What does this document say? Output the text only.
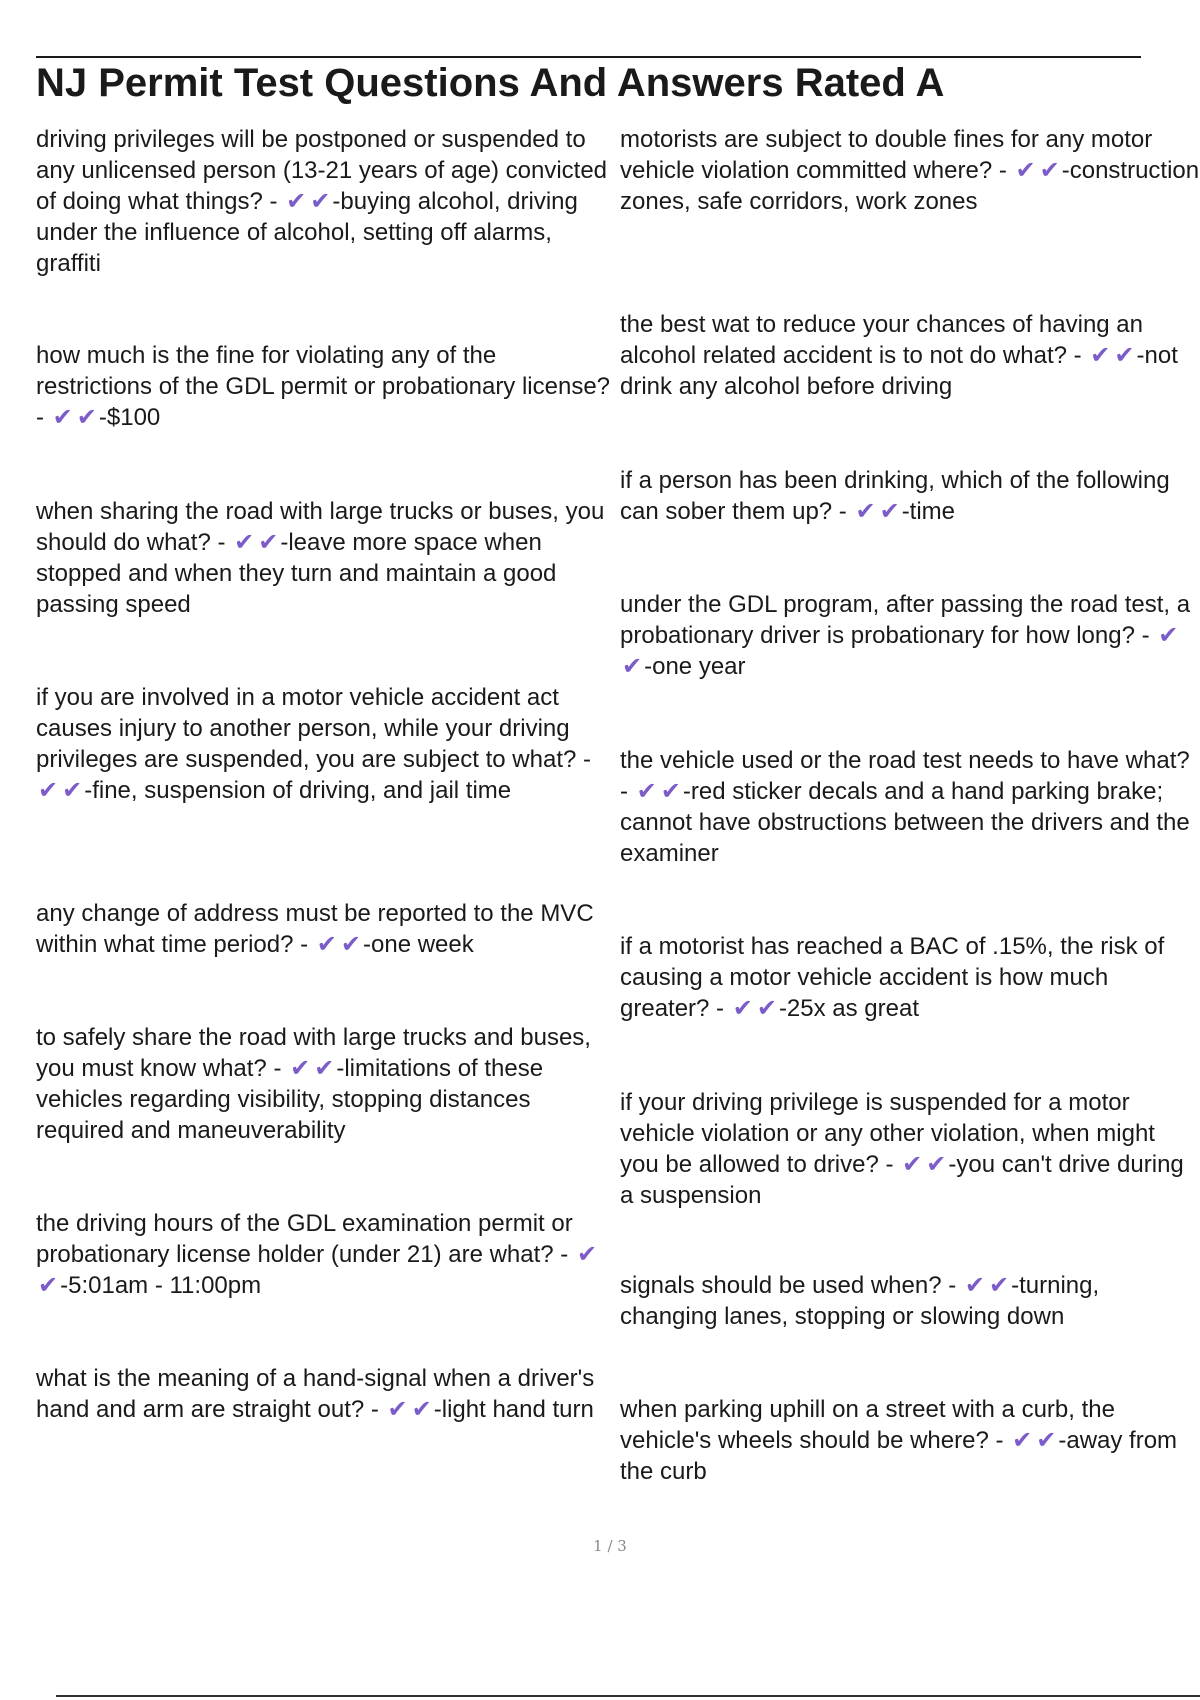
NJ Permit Test Questions And Answers Rated A
driving privileges will be postponed or suspended to any unlicensed person (13-21 years of age) convicted of doing what things? - ✔ ✔-buying alcohol, driving under the influence of alcohol, setting off alarms, graffiti
how much is the fine for violating any of the restrictions of the GDL permit or probationary license? - ✔ ✔-$100
when sharing the road with large trucks or buses, you should do what? - ✔ ✔-leave more space when stopped and when they turn and maintain a good passing speed
if you are involved in a motor vehicle accident act causes injury to another person, while your driving privileges are suspended, you are subject to what? - ✔ ✔-fine, suspension of driving, and jail time
any change of address must be reported to the MVC within what time period? - ✔ ✔-one week
to safely share the road with large trucks and buses, you must know what? - ✔ ✔-limitations of these vehicles regarding visibility, stopping distances required and maneuverability
the driving hours of the GDL examination permit or probationary license holder (under 21) are what? - ✔✔-5:01am - 11:00pm
what is the meaning of a hand-signal when a driver's hand and arm are straight out? - ✔ ✔-light hand turn
motorists are subject to double fines for any motor vehicle violation committed where? - ✔ ✔-construction zones, safe corridors, work zones
the best wat to reduce your chances of having an alcohol related accident is to not do what? - ✔ ✔-not drink any alcohol before driving
if a person has been drinking, which of the following can sober them up? - ✔ ✔-time
under the GDL program, after passing the road test, a probationary driver is probationary for how long? - ✔✔-one year
the vehicle used or the road test needs to have what? - ✔ ✔-red sticker decals and a hand parking brake; cannot have obstructions between the drivers and the examiner
if a motorist has reached a BAC of .15%, the risk of causing a motor vehicle accident is how much greater? - ✔ ✔-25x as great
if your driving privilege is suspended for a motor vehicle violation or any other violation, when might you be allowed to drive? - ✔ ✔-you can't drive during a suspension
signals should be used when? - ✔ ✔-turning, changing lanes, stopping or slowing down
when parking uphill on a street with a curb, the vehicle's wheels should be where? - ✔ ✔-away from the curb
1 / 3
